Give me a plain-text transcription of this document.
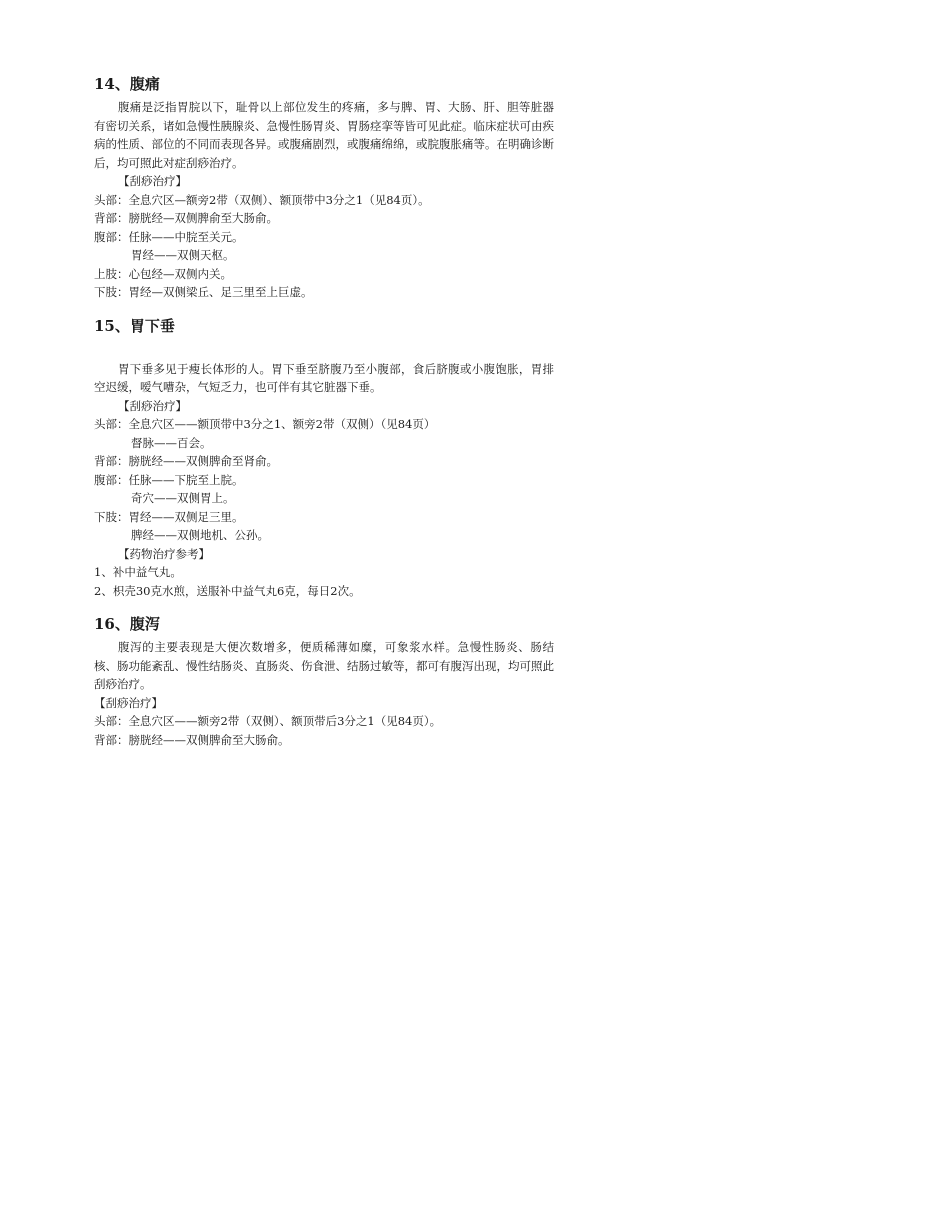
14、腹痛

腹痛是泛指胃脘以下，耻骨以上部位发生的疼痛，多与脾、胃、大肠、肝、胆等脏器有密切关系，诸如急慢性胰腺炎、急慢性肠胃炎、胃肠痉挛等皆可见此症。临床症状可由疾病的性质、部位的不同而表现各异。或腹痛剧烈，或腹痛绵绵，或脘腹胀痛等。在明确诊断后，均可照此对症刮痧治疗。

【刮痧治疗】
头部：全息穴区—额旁2带（双侧）、额顶带中3分之1（见84页）。
背部：膀胱经—双侧脾俞至大肠俞。
腹部：任脉——中脘至关元。
胃经——双侧天枢。
上肢：心包经—双侧内关。
下肢：胃经—双侧梁丘、足三里至上巨虚。
15、胃下垂

胃下垂多见于瘦长体形的人。胃下垂至脐腹乃至小腹部，食后脐腹或小腹饱胀，胃排空迟缓，嗳气嘈杂，气短乏力，也可伴有其它脏器下垂。

【刮痧治疗】
头部：全息穴区——额顶带中3分之1、额旁2带（双侧）（见84页）
督脉——百会。
背部：膀胱经——双侧脾俞至肾俞。
腹部：任脉——下脘至上脘。
奇穴——双侧胃上。
下肢：胃经——双侧足三里。
脾经——双侧地机、公孙。
【药物治疗参考】
1、补中益气丸。
2、枳壳30克水煎，送服补中益气丸6克，每日2次。
16、腹泻

腹泻的主要表现是大便次数增多，便质稀薄如糜，可象浆水样。急慢性肠炎、肠结核、肠功能紊乱、慢性结肠炎、直肠炎、伤食泄、结肠过敏等，都可有腹泻出现，均可照此刮痧治疗。

【刮痧治疗】
头部：全息穴区——额旁2带（双侧）、额顶带后3分之1（见84页）。
背部：膀胱经——双侧脾俞至大肠俞。
